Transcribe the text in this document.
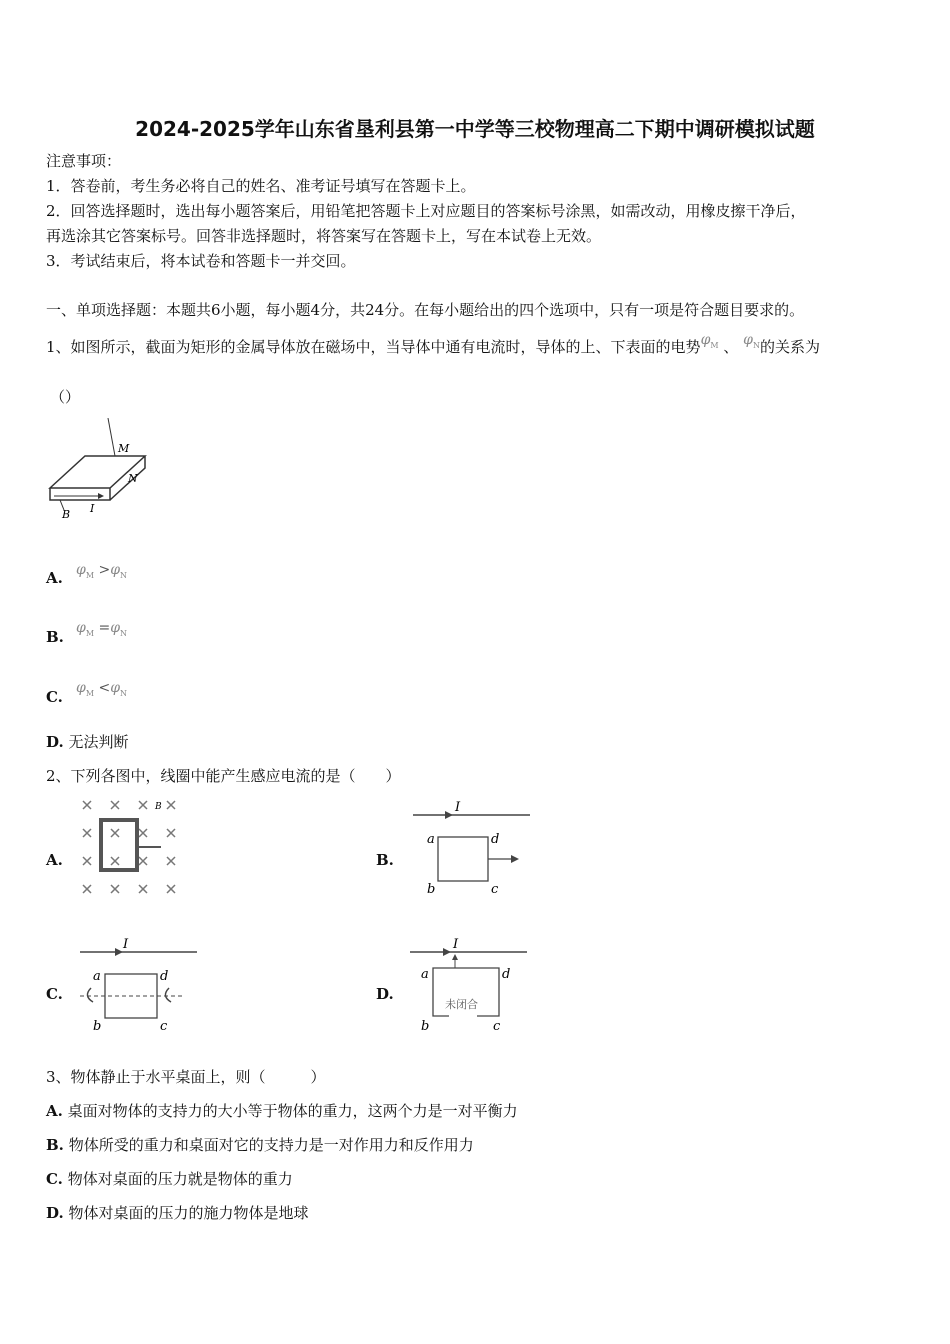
2024-2025学年山东省垦利县第一中学等三校物理高二下期中调研模拟试题
注意事项：
1．答卷前，考生务必将自己的姓名、准考证号填写在答题卡上。
2．回答选择题时，选出每小题答案后，用铅笔把答题卡上对应题目的答案标号涂黑，如需改动，用橡皮擦干净后，
再选涂其它答案标号。回答非选择题时，将答案写在答题卡上，写在本试卷上无效。
3．考试结束后，将本试卷和答题卡一并交回。
一、单项选择题：本题共6小题，每小题4分，共24分。在每小题给出的四个选项中，只有一项是符合题目要求的。
1、如图所示，截面为矩形的金属导体放在磁场中，当导体中通有电流时，导体的上、下表面的电势$\varphi_M$ 、 $\varphi_N$的关系为
（）
M
N
B I
A. $\varphi_M >\varphi_N$
B. $\varphi_M =\varphi_N$
C. $\varphi_M <\varphi_N$
D. 无法判断
2、下列各图中，线圈中能产生感应电流的是（　　）
A.
B
B.
I
a	d
b	c
C.
I
a	d
b	c
D.
I
未闭合
a	d
b	c
3、物体静止于水平桌面上，则（　　　）
A. 桌面对物体的支持力的大小等于物体的重力，这两个力是一对平衡力
B. 物体所受的重力和桌面对它的支持力是一对作用力和反作用力
C. 物体对桌面的压力就是物体的重力
D. 物体对桌面的压力的施力物体是地球
